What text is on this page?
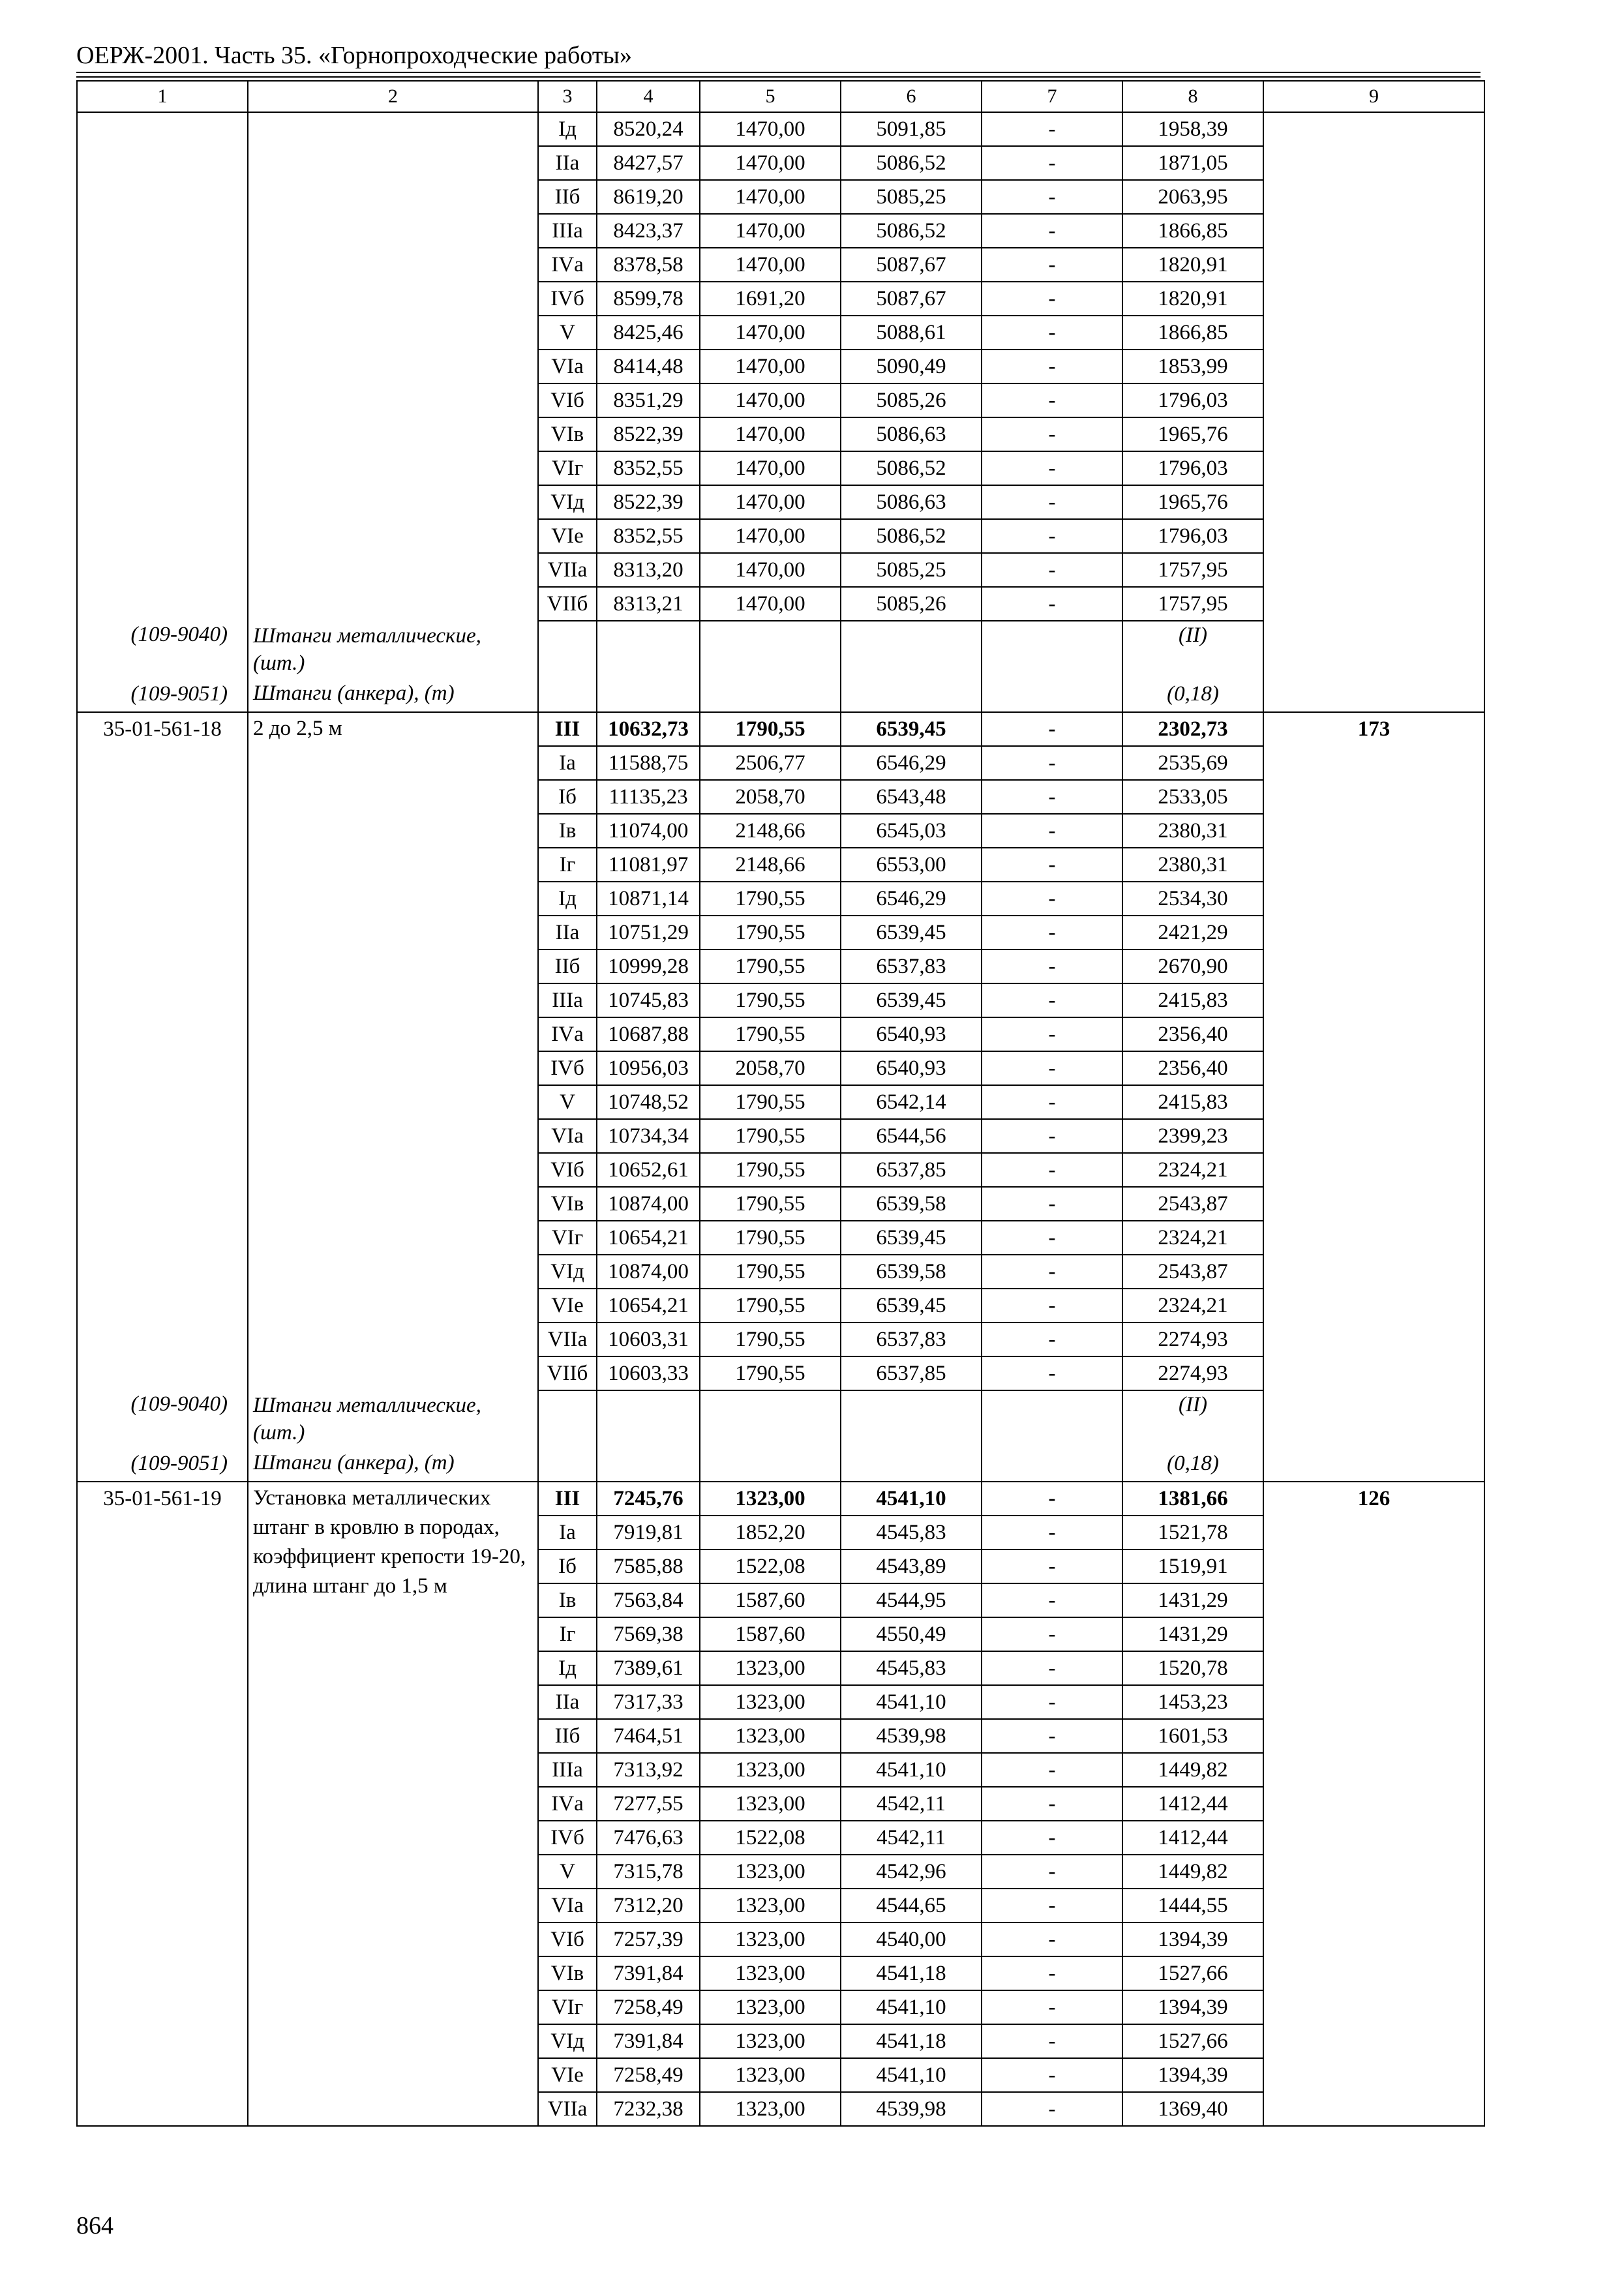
ОЕРЖ-2001. Часть 35. «Горнопроходческие работы»
1	2	3	4	5	6	7	8	9
		Iд	8520,24	1470,00	5091,85	-	1958,39	
		IIа	8427,57	1470,00	5086,52	-	1871,05	
		IIб	8619,20	1470,00	5085,25	-	2063,95	
		IIIа	8423,37	1470,00	5086,52	-	1866,85	
		IVа	8378,58	1470,00	5087,67	-	1820,91	
		IVб	8599,78	1691,20	5087,67	-	1820,91	
		V	8425,46	1470,00	5088,61	-	1866,85	
		VIа	8414,48	1470,00	5090,49	-	1853,99	
		VIб	8351,29	1470,00	5085,26	-	1796,03	
		VIв	8522,39	1470,00	5086,63	-	1965,76	
		VIг	8352,55	1470,00	5086,52	-	1796,03	
		VIд	8522,39	1470,00	5086,63	-	1965,76	
		VIе	8352,55	1470,00	5086,52	-	1796,03	
		VIIа	8313,20	1470,00	5085,25	-	1757,95	
		VIIб	8313,21	1470,00	5085,26	-	1757,95	
(109-9040)	Штанги металлические, (шт.)						(II)	
(109-9051)	Штанги (анкера), (т)						(0,18)	
35-01-561-18	2 до 2,5 м	III	10632,73	1790,55	6539,45	-	2302,73	173
		Iа	11588,75	2506,77	6546,29	-	2535,69	
		Iб	11135,23	2058,70	6543,48	-	2533,05	
		Iв	11074,00	2148,66	6545,03	-	2380,31	
		Iг	11081,97	2148,66	6553,00	-	2380,31	
		Iд	10871,14	1790,55	6546,29	-	2534,30	
		IIа	10751,29	1790,55	6539,45	-	2421,29	
		IIб	10999,28	1790,55	6537,83	-	2670,90	
		IIIа	10745,83	1790,55	6539,45	-	2415,83	
		IVа	10687,88	1790,55	6540,93	-	2356,40	
		IVб	10956,03	2058,70	6540,93	-	2356,40	
		V	10748,52	1790,55	6542,14	-	2415,83	
		VIа	10734,34	1790,55	6544,56	-	2399,23	
		VIб	10652,61	1790,55	6537,85	-	2324,21	
		VIв	10874,00	1790,55	6539,58	-	2543,87	
		VIг	10654,21	1790,55	6539,45	-	2324,21	
		VIд	10874,00	1790,55	6539,58	-	2543,87	
		VIе	10654,21	1790,55	6539,45	-	2324,21	
		VIIа	10603,31	1790,55	6537,83	-	2274,93	
		VIIб	10603,33	1790,55	6537,85	-	2274,93	
(109-9040)	Штанги металлические, (шт.)						(II)	
(109-9051)	Штанги (анкера), (т)						(0,18)	
35-01-561-19	Установка металлических штанг в кровлю в породах, коэффициент крепости 19-20, длина штанг до 1,5 м	III	7245,76	1323,00	4541,10	-	1381,66	126
		Iа	7919,81	1852,20	4545,83	-	1521,78	
		Iб	7585,88	1522,08	4543,89	-	1519,91	
		Iв	7563,84	1587,60	4544,95	-	1431,29	
		Iг	7569,38	1587,60	4550,49	-	1431,29	
		Iд	7389,61	1323,00	4545,83	-	1520,78	
		IIа	7317,33	1323,00	4541,10	-	1453,23	
		IIб	7464,51	1323,00	4539,98	-	1601,53	
		IIIа	7313,92	1323,00	4541,10	-	1449,82	
		IVа	7277,55	1323,00	4542,11	-	1412,44	
		IVб	7476,63	1522,08	4542,11	-	1412,44	
		V	7315,78	1323,00	4542,96	-	1449,82	
		VIа	7312,20	1323,00	4544,65	-	1444,55	
		VIб	7257,39	1323,00	4540,00	-	1394,39	
		VIв	7391,84	1323,00	4541,18	-	1527,66	
		VIг	7258,49	1323,00	4541,10	-	1394,39	
		VIд	7391,84	1323,00	4541,18	-	1527,66	
		VIе	7258,49	1323,00	4541,10	-	1394,39	
		VIIа	7232,38	1323,00	4539,98	-	1369,40	
864
